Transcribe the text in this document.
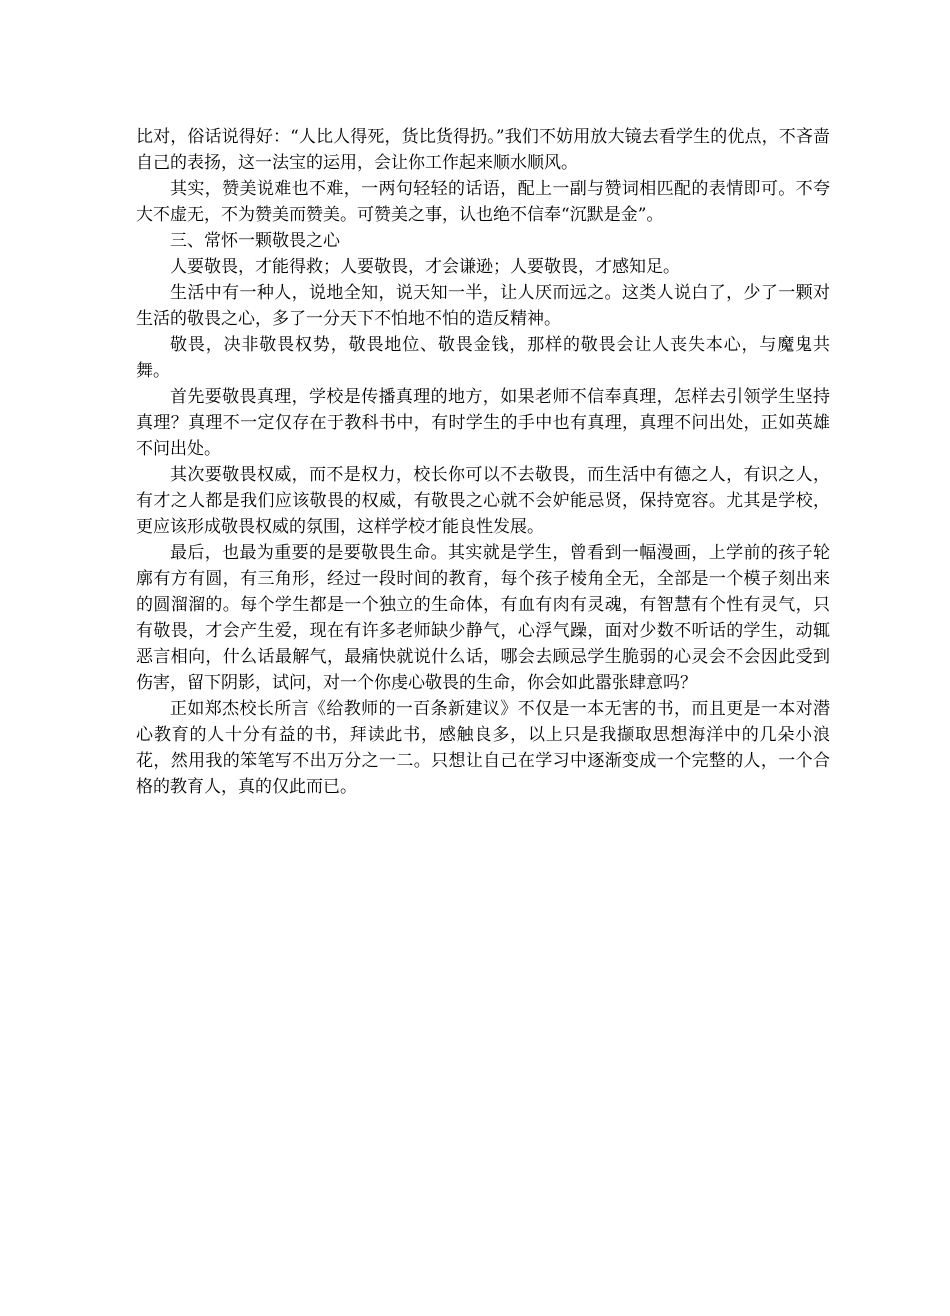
比对，俗话说得好：“人比人得死，货比货得扔。”我们不妨用放大镜去看学生的优点，不吝啬自己的表扬，这一法宝的运用，会让你工作起来顺水顺风。

其实，赞美说难也不难，一两句轻轻的话语，配上一副与赞词相匹配的表情即可。不夸大不虚无，不为赞美而赞美。可赞美之事，认也绝不信奉“沉默是金”。

三、常怀一颗敬畏之心

人要敬畏，才能得救；人要敬畏，才会谦逊；人要敬畏，才感知足。

生活中有一种人，说地全知，说天知一半，让人厌而远之。这类人说白了，少了一颗对生活的敬畏之心，多了一分天下不怕地不怕的造反精神。

敬畏，决非敬畏权势，敬畏地位、敬畏金钱，那样的敬畏会让人丧失本心，与魔鬼共舞。

首先要敬畏真理，学校是传播真理的地方，如果老师不信奉真理，怎样去引领学生坚持真理？真理不一定仅存在于教科书中，有时学生的手中也有真理，真理不问出处，正如英雄不问出处。

其次要敬畏权威，而不是权力，校长你可以不去敬畏，而生活中有德之人，有识之人，有才之人都是我们应该敬畏的权威，有敬畏之心就不会妒能忌贤，保持宽容。尤其是学校，更应该形成敬畏权威的氛围，这样学校才能良性发展。

最后，也最为重要的是要敬畏生命。其实就是学生，曾看到一幅漫画，上学前的孩子轮廓有方有圆，有三角形，经过一段时间的教育，每个孩子棱角全无，全部是一个模子刻出来的圆溜溜的。每个学生都是一个独立的生命体，有血有肉有灵魂，有智慧有个性有灵气，只有敬畏，才会产生爱，现在有许多老师缺少静气，心浮气躁，面对少数不听话的学生，动辄恶言相向，什么话最解气，最痛快就说什么话，哪会去顾忌学生脆弱的心灵会不会因此受到伤害，留下阴影，试问，对一个你虔心敬畏的生命，你会如此嚣张肆意吗？

正如郑杰校长所言《给教师的一百条新建议》不仅是一本无害的书，而且更是一本对潜心教育的人十分有益的书，拜读此书，感触良多，以上只是我撷取思想海洋中的几朵小浪花，然用我的笨笔写不出万分之一二。只想让自己在学习中逐渐变成一个完整的人，一个合格的教育人，真的仅此而已。
